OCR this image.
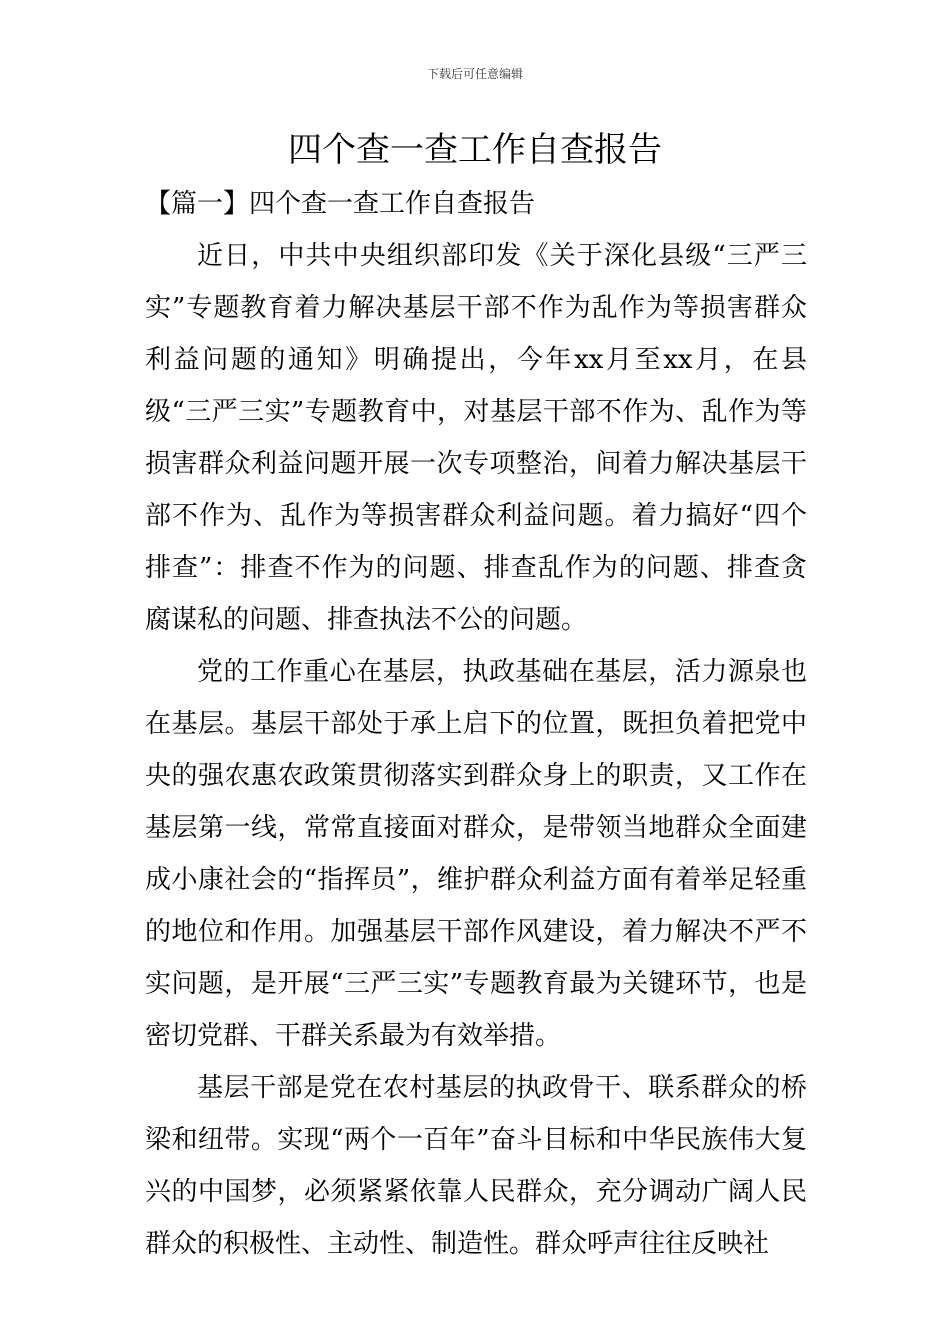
下载后可任意编辑
四个查一查工作自查报告

【篇一】四个查一查工作自查报告

近日，中共中央组织部印发《关于深化县级“三严三实”专题教育着力解决基层干部不作为乱作为等损害群众利益问题的通知》明确提出，今年xx月至xx月，在县级“三严三实”专题教育中，对基层干部不作为、乱作为等损害群众利益问题开展一次专项整治，间着力解决基层干部不作为、乱作为等损害群众利益问题。着力搞好“四个排查”：排查不作为的问题、排查乱作为的问题、排查贪腐谋私的问题、排查执法不公的问题。

党的工作重心在基层，执政基础在基层，活力源泉也在基层。基层干部处于承上启下的位置，既担负着把党中央的强农惠农政策贯彻落实到群众身上的职责，又工作在基层第一线，常常直接面对群众，是带领当地群众全面建成小康社会的“指挥员”，维护群众利益方面有着举足轻重的地位和作用。加强基层干部作风建设，着力解决不严不实问题，是开展“三严三实”专题教育最为关键环节，也是密切党群、干群关系最为有效举措。

基层干部是党在农村基层的执政骨干、联系群众的桥梁和纽带。实现“两个一百年”奋斗目标和中华民族伟大复兴的中国梦，必须紧紧依靠人民群众，充分调动广阔人民群众的积极性、主动性、制造性。群众呼声往往反映社
